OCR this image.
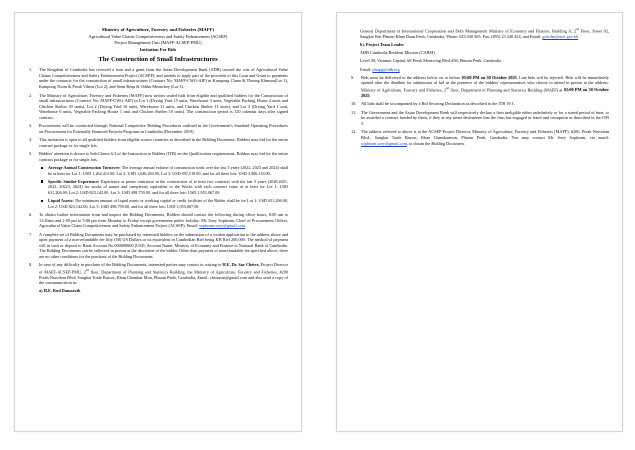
Ministry of Agriculture, Forestry and Fisheries (MAFF)
Agricultural Value Chains Competitiveness and Safety Enhancement (ACSEP)
Project Management Unit (MAFF-ACSEP-PMU)
Invitation For Bids
The Construction of Small Infrastructures
1.	The Kingdom of Cambodia has received a loan and a grant from the Asian Development Bank (ADB) toward the cost of Agricultural Value Chains Competitiveness and Safety Enhancement Project (ACSEP), and intends to apply part of the proceeds of this Loan and Grant to payments under the contracts for the construction of small infrastructures (Contract No: MAFF-CWG-AIF) in Kampong Cham & Theong Khmum(Lot 1), Kampong Thom & Preah Vihear (Lot 2), and Siem Reap & Oddar Meanchey (Lot 3).
2.	The Ministry of Agriculture, Forestry and Fisheries (MAFF) now invites sealed bids from eligible and qualified bidders for the Construction of small infrastructures (Contract No: MAFF-CWG-AIF) in Lot 1 (Drying Yard 15 units, Warehouse 3 units, Vegetable Packing House 2 units and Chicken Shelter 39 units), Lot 2 (Drying Yard 10 units, Warehouse 11 units, and Chicken Shelter 11 units), and Lot 3 (Drying Yard 1 unit, Warehouse 6 units, Vegetable Packing House 1 unit and Chicken Shelter 10 units). The construction period is 120 calendar days after signed contract.
3.	Procurement will be conducted through National Competitive Bidding Procedures outlined in the Government's Standard Operating Procedures on Procurement for Externally Financed Projects/Programs in Cambodia (December 2019).
4.	This invitation is open to all qualified bidders from eligible source countries as described in the Bidding Document. Bidders may bid for the entire contract package or for single lots.
5.	Bidders' attention is drawn to Sub-Clause 6.3 of the Instruction to Bidders (ITB) on the Qualification requirements. Bidders may bid for the entire contract package or for single lots.
Average Annual Construction Turnover: The average annual volume of construction work over the last 3 years (2022, 2023 and 2024) shall be at least for Lot 1: USD 1,262,412.00, Lot 2: USD 1,646,284.00, Lot 3: USD 997,518.00, and for all three lots: USD 3,906,116.00.
Specific Similar Experience: Experience as prime contractor in the construction of at least two contracts with the last 5 years (2020,2021, 2022, 20223, 2024) for works of nature and complexity equivalent to the Works with each contract value of at least for Lot 1: USD 631,206.00, Lot 2: USD 823,142.00, Lot 3: USD 498,759.00, and for all three lots: USD 1,953,067.00.
Liquid Assets: The minimum amount of liquid assets or working capital or credit facilities of the Bidder shall be for Lot 1: USD 631,206.00, Lot 2: USD 823,142.00, Lot 3: USD 498,759.00, and for all three lots: USD 1,953,067.00.
6.	To obtain further information from and inspect the Bidding Documents, Bidders should contact the following during office hours, 8:00 am to 11:30am and 2:00 pm to 5:00 pm from Monday to Friday except government public holiday: Mr. Soey Sopheam, Chief of Procurement Officer, Agricultural Value Chain Competitiveness and Safety Enhancement Project (ACSEP), Email: sopheam.soey@gmail.com
7.	A complete set of Bidding Documents may be purchased by interested bidders on the submission of a written application to the address above and upon payment of a non-refundable fee fifty (50) US Dollars or its equivalent in Cambodian Riel being KH Riel 200,000. The method of payment will in cash or deposit to Bank Account No.000000000 (USD, Account Name: Ministry of Economy and Finance at National Bank of Cambodia. The Bidding Documents can be collected in person at the discretion of the bidder. Other than payment of nonrefundable fee specified above, there are no other conditions for the purchase of the Bidding Documents.
8.	In case of any difficulty in purchase of the Bidding Documents, interested parties may contact in writing to H.E. Dr. Sar Chetra, Project Director of MAFF-ACSEP-PMU, 2nd floor, Department of Planning and Statistics Building, the Ministry of Agriculture, Forestry and Fisheries, #200 Preah Norodom Blvd, Sangkat Tonle Bassac, Khan Chamkar Mon, Phnom Penh, Cambodia, Email: chetrasar@gmail.com and also send a copy of the communication to:
a) H.E. Rud Damaroth
General Department of International Cooperation and Debt Management Ministry of Economy and Finance, Building A, 2nd Floor, Street 92, Sangkat Wat Phnom Khan Daun Penh, Cambodia. Phone: 023 430 565, Fax: (855) 23 240 424, and Email: gdicdm@mef.gov.kh
b). Project Team Leader
ADB Cambodia Resident Mission (CARM)
Level 30, Vattanac Capital, 66 Preah Monivong Blvd #56, Phnom Penh, Cambodia.
Email: phnpg@adb.org
9.	Bids must be delivered to the address below on or before 05:00 PM on 30 October 2025. Late bids will be rejected. Bids will be immediately opened after the deadline for submission of bid in the presence of the bidders' representatives who choose to attend in person at the address: Ministry of Agriculture, Forestry and Fisheries, 2nd floor, Department of Planning and Statistics Building (MAFF) at 02:00 PM on 30 October 2025.
10.	All bids shall be accompanied by a Bid Securing Declaration as described in the ITB 19.1.
11.	The Government and the Asian Development Bank will respectively declare a firm ineligible either indefinitely or for a stated period of time, to be awarded a contract funded by them, if they at any times determines that the firm has engaged in fraud and corruption as described in the ITB 3.
12.	The address referred to above is at the ACSEP Project Director, Ministry of Agriculture, Forestry and Fisheries (MAFF), #200, Preah Norodom Blvd., Sangkat Tonle Bassac, Khan Chamkarmon, Phnom Penh, Cambodia. You may contact Mr. Soey Sopheam, via email: sopheam.soey@gmail.com, to obtain the Bidding Document.
